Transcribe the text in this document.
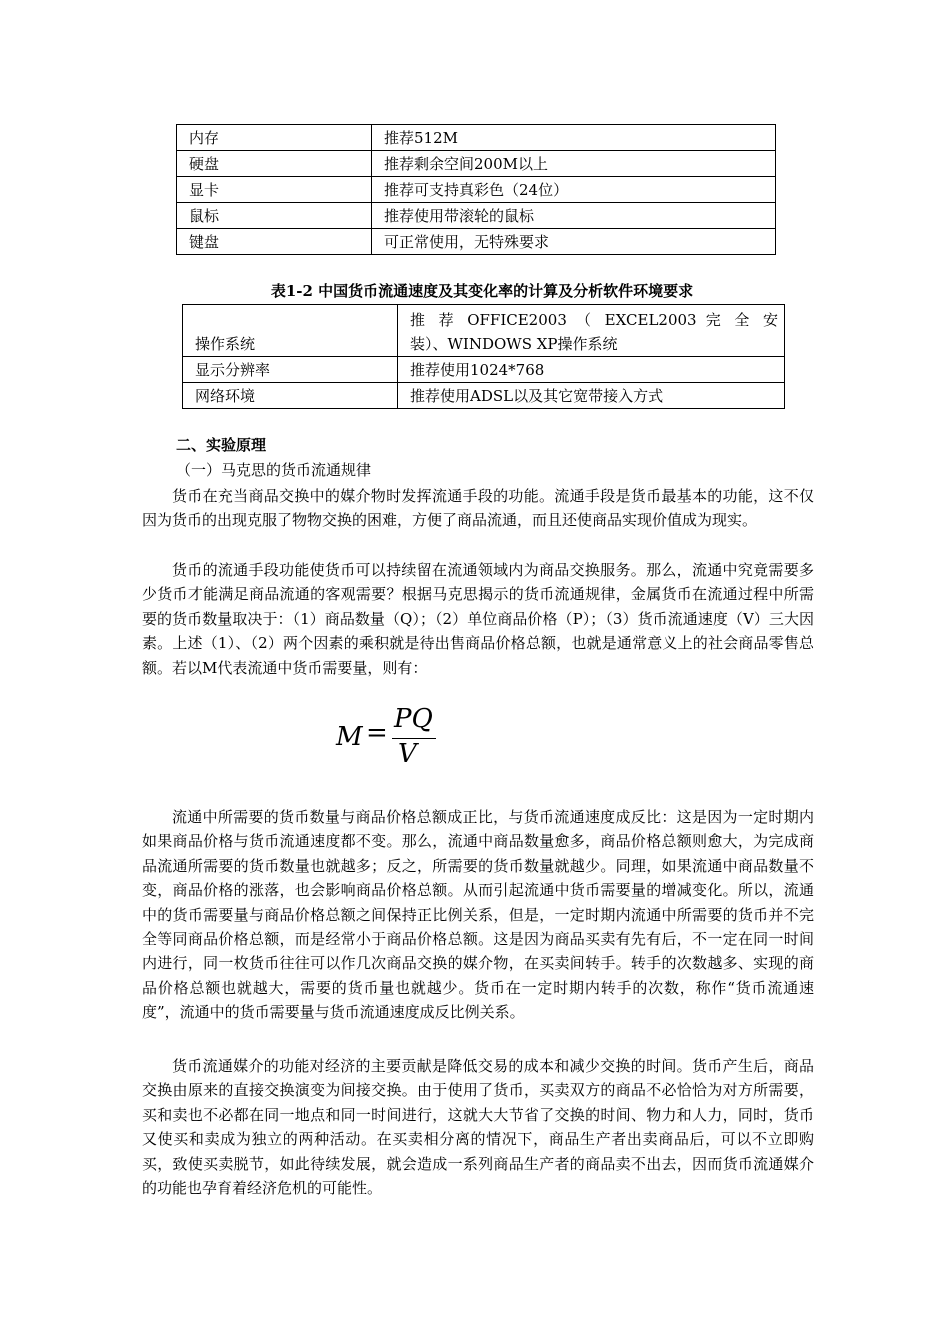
内存	推荐512M
硬盘	推荐剩余空间200M以上
显卡	推荐可支持真彩色（24位）
鼠标	推荐使用带滚轮的鼠标
键盘	可正常使用，无特殊要求
表1-2 中国货币流通速度及其变化率的计算及分析软件环境要求
操作系统	推 荐 OFFICE2003 （ EXCEL2003 完 全 安
装）、WINDOWS XP操作系统

显示分辨率	推荐使用1024*768
网络环境	推荐使用ADSL以及其它宽带接入方式
二、实验原理
（一）马克思的货币流通规律

货币在充当商品交换中的媒介物时发挥流通手段的功能。流通手段是货币最基本的功能，这不仅因为货币的出现克服了物物交换的困难，方便了商品流通，而且还使商品实现价值成为现实。

货币的流通手段功能使货币可以持续留在流通领域内为商品交换服务。那么，流通中究竟需要多少货币才能满足商品流通的客观需要？根据马克思揭示的货币流通规律，金属货币在流通过程中所需要的货币数量取决于：（1）商品数量（Q）；（2）单位商品价格（P）；（3）货币流通速度（V）三大因素。上述（1）、（2）两个因素的乘积就是待出售商品价格总额，也就是通常意义上的社会商品零售总额。若以M代表流通中货币需要量，则有：

M = PQ
V

流通中所需要的货币数量与商品价格总额成正比，与货币流通速度成反比：这是因为一定时期内如果商品价格与货币流通速度都不变。那么，流通中商品数量愈多，商品价格总额则愈大，为完成商品流通所需要的货币数量也就越多；反之，所需要的货币数量就越少。同理，如果流通中商品数量不变，商品价格的涨落，也会影响商品价格总额。从而引起流通中货币需要量的增减变化。所以，流通中的货币需要量与商品价格总额之间保持正比例关系，但是，一定时期内流通中所需要的货币并不完全等同商品价格总额，而是经常小于商品价格总额。这是因为商品买卖有先有后，不一定在同一时间内进行，同一枚货币往往可以作几次商品交换的媒介物，在买卖间转手。转手的次数越多、实现的商品价格总额也就越大，需要的货币量也就越少。货币在一定时期内转手的次数，称作“货币流通速度”，流通中的货币需要量与货币流通速度成反比例关系。

货币流通媒介的功能对经济的主要贡献是降低交易的成本和减少交换的时间。货币产生后，商品交换由原来的直接交换演变为间接交换。由于使用了货币，买卖双方的商品不必恰恰为对方所需要，买和卖也不必都在同一地点和同一时间进行，这就大大节省了交换的时间、物力和人力，同时，货币又使买和卖成为独立的两种活动。在买卖相分离的情况下，商品生产者出卖商品后，可以不立即购买，致使买卖脱节，如此待续发展，就会造成一系列商品生产者的商品卖不出去，因而货币流通媒介的功能也孕育着经济危机的可能性。
